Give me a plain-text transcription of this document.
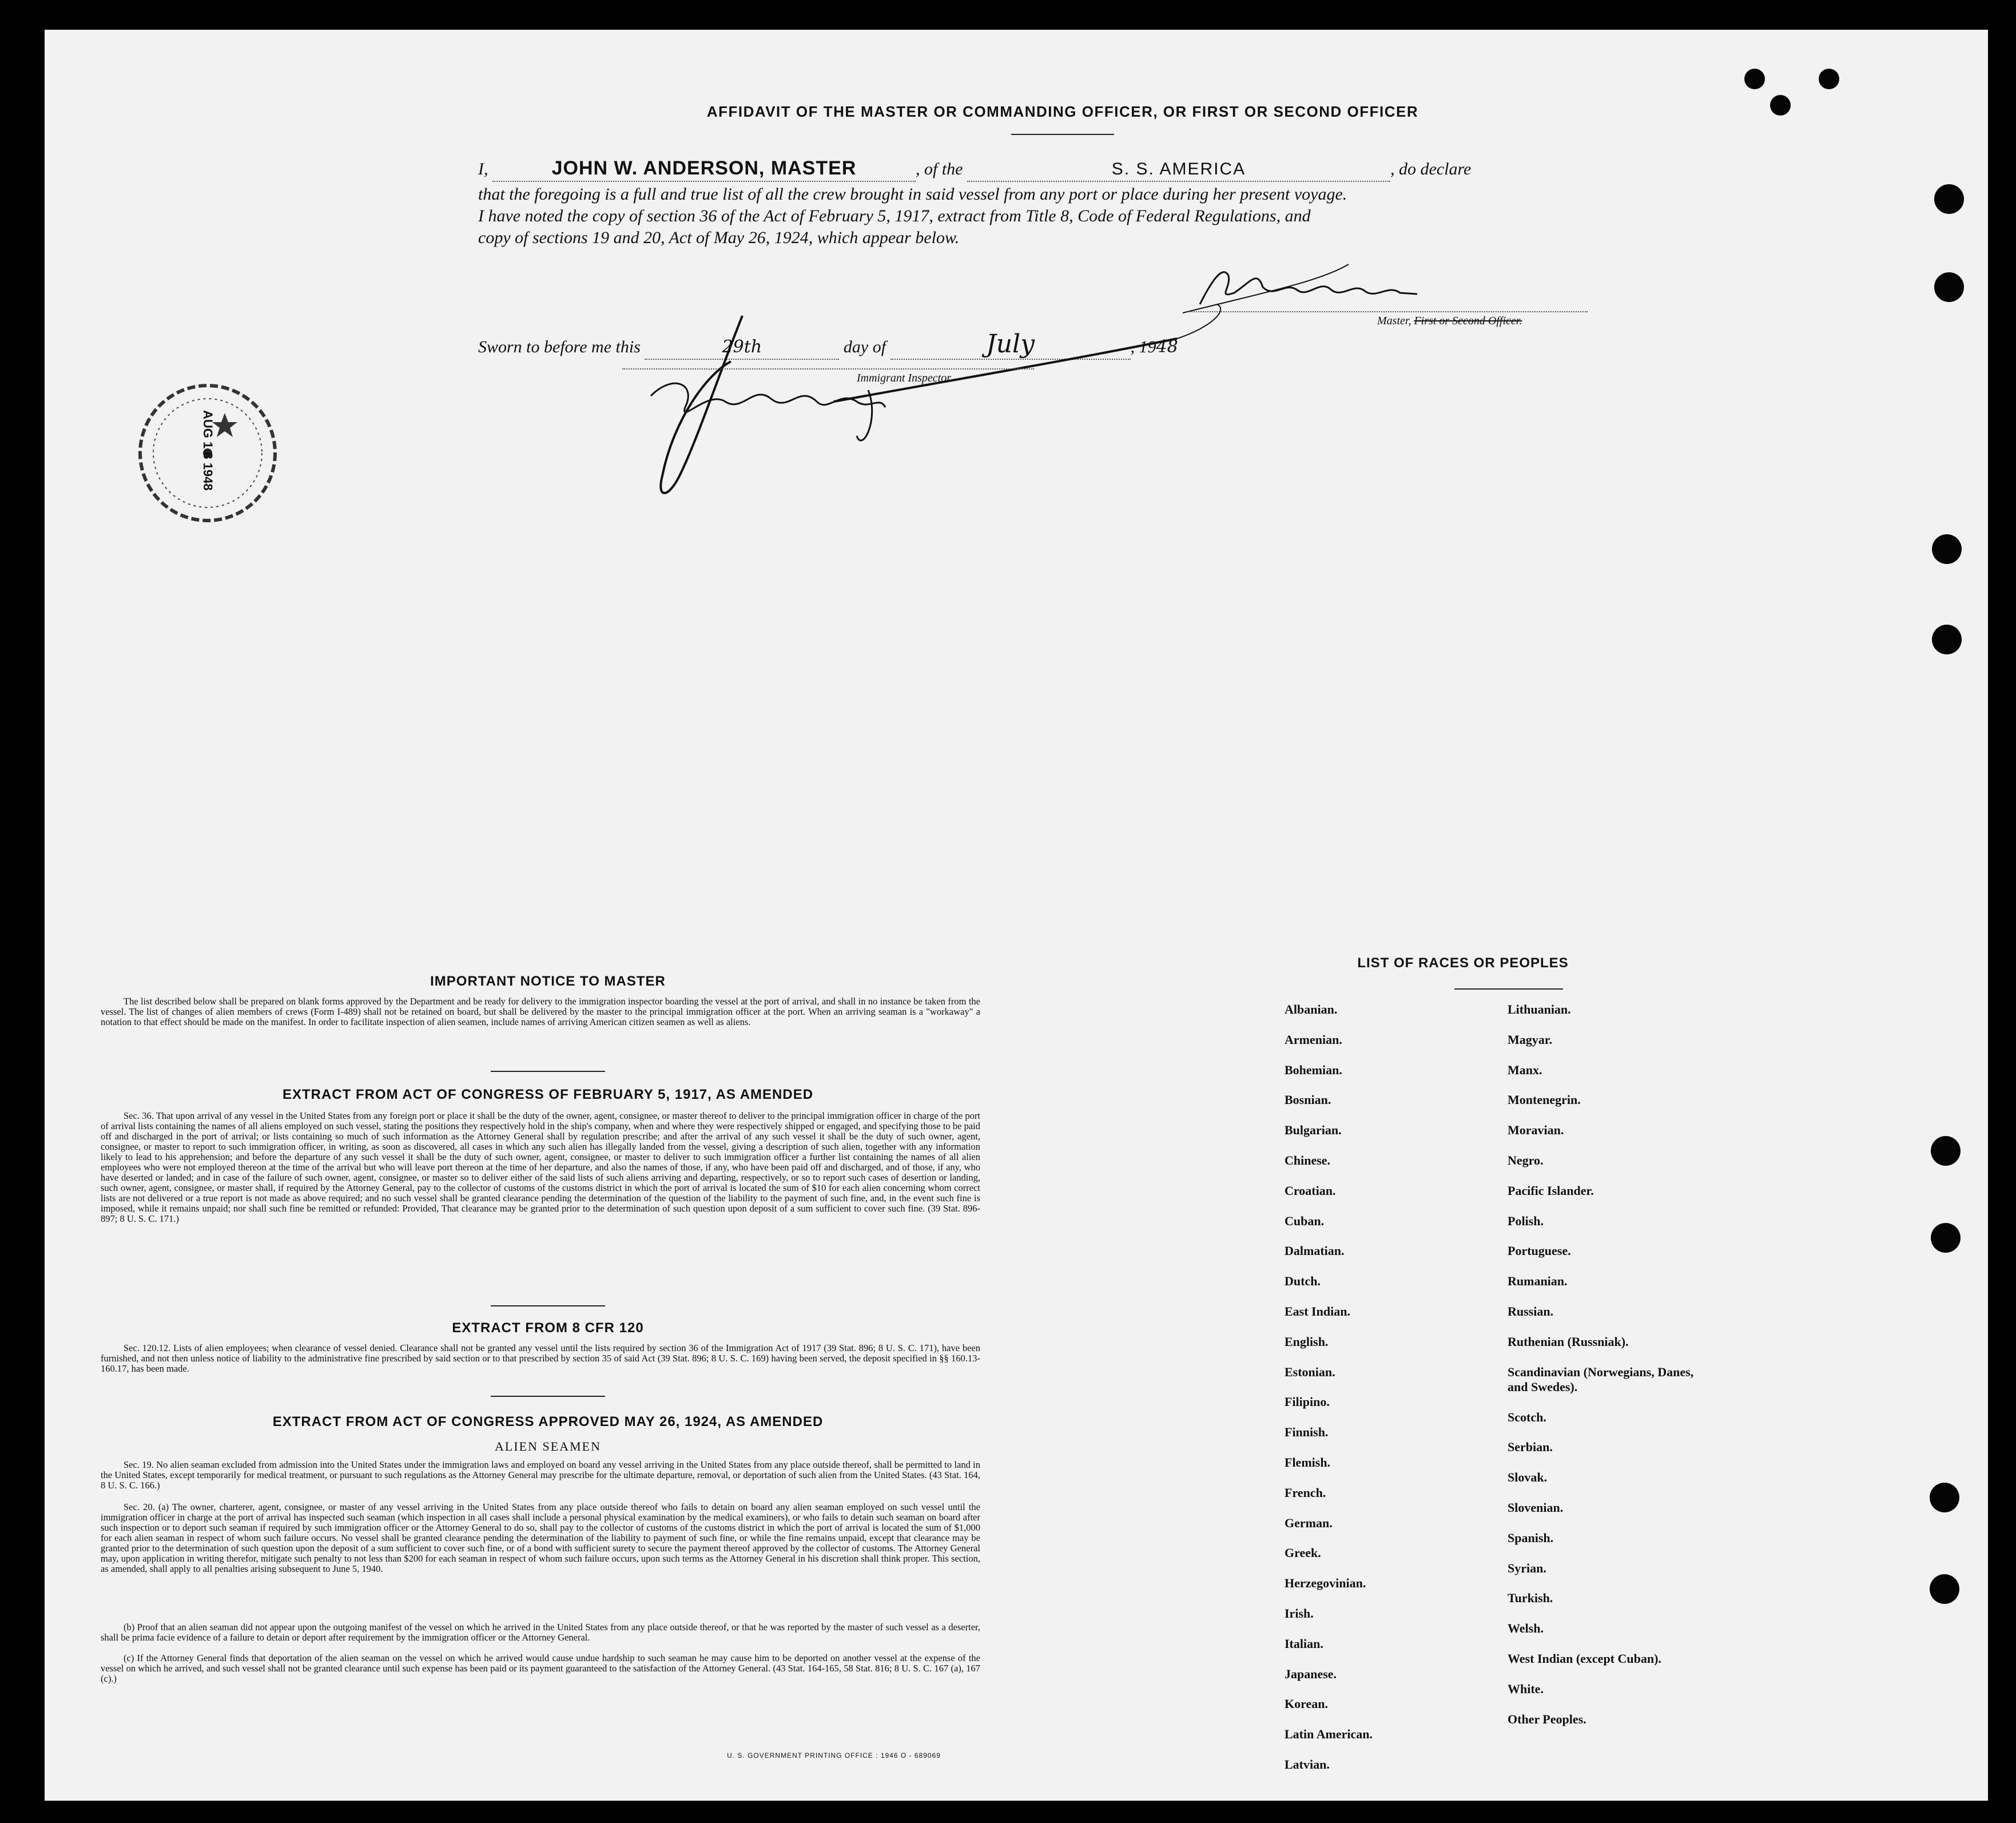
AFFIDAVIT OF THE MASTER OR COMMANDING OFFICER, OR FIRST OR SECOND OFFICER
I,	JOHN W. ANDERSON, MASTER	, of the	S. S. AMERICA	, do declare
that the foregoing is a full and true list of all the crew brought in said vessel from any port or place during her present voyage.
I have noted the copy of section 36 of the Act of February 5, 1917, extract from Title 8, Code of Federal Regulations, and
copy of sections 19 and 20, Act of May 26, 1924, which appear below.
Master, First or Second Officer.
Sworn to before me this	29th	day of	July	, 1948
Immigrant Inspector.
AUG 1 8 1948
IMPORTANT NOTICE TO MASTER

The list described below shall be prepared on blank forms approved by the Department and be ready for delivery to the immigration inspector boarding the vessel at the port of arrival, and shall in no instance be taken from the vessel. The list of changes of alien members of crews (Form I-489) shall not be retained on board, but shall be delivered by the master to the principal immigration officer at the port. When an arriving seaman is a "workaway" a notation to that effect should be made on the manifest. In order to facilitate inspection of alien seamen, include names of arriving American citizen seamen as well as aliens.

EXTRACT FROM ACT OF CONGRESS OF FEBRUARY 5, 1917, AS AMENDED

Sec. 36. That upon arrival of any vessel in the United States from any foreign port or place it shall be the duty of the owner, agent, consignee, or master thereof to deliver to the principal immigration officer in charge of the port of arrival lists containing the names of all aliens employed on such vessel, stating the positions they respectively hold in the ship's company, when and where they were respectively shipped or engaged, and specifying those to be paid off and discharged in the port of arrival; or lists containing so much of such information as the Attorney General shall by regulation prescribe; and after the arrival of any such vessel it shall be the duty of such owner, agent, consignee, or master to report to such immigration officer, in writing, as soon as discovered, all cases in which any such alien has illegally landed from the vessel, giving a description of such alien, together with any information likely to lead to his apprehension; and before the departure of any such vessel it shall be the duty of such owner, agent, consignee, or master to deliver to such immigration officer a further list containing the names of all alien employees who were not employed thereon at the time of the arrival but who will leave port thereon at the time of her departure, and also the names of those, if any, who have been paid off and discharged, and of those, if any, who have deserted or landed; and in case of the failure of such owner, agent, consignee, or master so to deliver either of the said lists of such aliens arriving and departing, respectively, or so to report such cases of desertion or landing, such owner, agent, consignee, or master shall, if required by the Attorney General, pay to the collector of customs of the customs district in which the port of arrival is located the sum of $10 for each alien concerning whom correct lists are not delivered or a true report is not made as above required; and no such vessel shall be granted clearance pending the determination of the question of the liability to the payment of such fine, and, in the event such fine is imposed, while it remains unpaid; nor shall such fine be remitted or refunded: Provided, That clearance may be granted prior to the determination of such question upon deposit of a sum sufficient to cover such fine. (39 Stat. 896-897; 8 U. S. C. 171.)

EXTRACT FROM 8 CFR 120

Sec. 120.12. Lists of alien employees; when clearance of vessel denied. Clearance shall not be granted any vessel until the lists required by section 36 of the Immigration Act of 1917 (39 Stat. 896; 8 U. S. C. 171), have been furnished, and not then unless notice of liability to the administrative fine prescribed by said section or to that prescribed by section 35 of said Act (39 Stat. 896; 8 U. S. C. 169) having been served, the deposit specified in §§ 160.13-160.17, has been made.

EXTRACT FROM ACT OF CONGRESS APPROVED MAY 26, 1924, AS AMENDED
ALIEN SEAMEN

Sec. 19. No alien seaman excluded from admission into the United States under the immigration laws and employed on board any vessel arriving in the United States from any place outside thereof, shall be permitted to land in the United States, except temporarily for medical treatment, or pursuant to such regulations as the Attorney General may prescribe for the ultimate departure, removal, or deportation of such alien from the United States. (43 Stat. 164, 8 U. S. C. 166.)

Sec. 20. (a) The owner, charterer, agent, consignee, or master of any vessel arriving in the United States from any place outside thereof who fails to detain on board any alien seaman employed on such vessel until the immigration officer in charge at the port of arrival has inspected such seaman (which inspection in all cases shall include a personal physical examination by the medical examiners), or who fails to detain such seaman on board after such inspection or to deport such seaman if required by such immigration officer or the Attorney General to do so, shall pay to the collector of customs of the customs district in which the port of arrival is located the sum of $1,000 for each alien seaman in respect of whom such failure occurs. No vessel shall be granted clearance pending the determination of the liability to payment of such fine, or while the fine remains unpaid, except that clearance may be granted prior to the determination of such question upon the deposit of a sum sufficient to cover such fine, or of a bond with sufficient surety to secure the payment thereof approved by the collector of customs. The Attorney General may, upon application in writing therefor, mitigate such penalty to not less than $200 for each seaman in respect of whom such failure occurs, upon such terms as the Attorney General in his discretion shall think proper. This section, as amended, shall apply to all penalties arising subsequent to June 5, 1940.

(b) Proof that an alien seaman did not appear upon the outgoing manifest of the vessel on which he arrived in the United States from any place outside thereof, or that he was reported by the master of such vessel as a deserter, shall be prima facie evidence of a failure to detain or deport after requirement by the immigration officer or the Attorney General.

(c) If the Attorney General finds that deportation of the alien seaman on the vessel on which he arrived would cause undue hardship to such seaman he may cause him to be deported on another vessel at the expense of the vessel on which he arrived, and such vessel shall not be granted clearance until such expense has been paid or its payment guaranteed to the satisfaction of the Attorney General. (43 Stat. 164-165, 58 Stat. 816; 8 U. S. C. 167 (a), 167 (c).)

U. S. GOVERNMENT PRINTING OFFICE : 1946 O - 689069
LIST OF RACES OR PEOPLES
Albanian.
Armenian.
Bohemian.
Bosnian.
Bulgarian.
Chinese.
Croatian.
Cuban.
Dalmatian.
Dutch.
East Indian.
English.
Estonian.
Filipino.
Finnish.
Flemish.
French.
German.
Greek.
Herzegovinian.
Irish.
Italian.
Japanese.
Korean.
Latin American.
Latvian.
Lithuanian.
Magyar.
Manx.
Montenegrin.
Moravian.
Negro.
Pacific Islander.
Polish.
Portuguese.
Rumanian.
Russian.
Ruthenian (Russniak).
Scandinavian (Norwegians, Danes, and Swedes).
Scotch.
Serbian.
Slovak.
Slovenian.
Spanish.
Syrian.
Turkish.
Welsh.
West Indian (except Cuban).
White.
Other Peoples.
